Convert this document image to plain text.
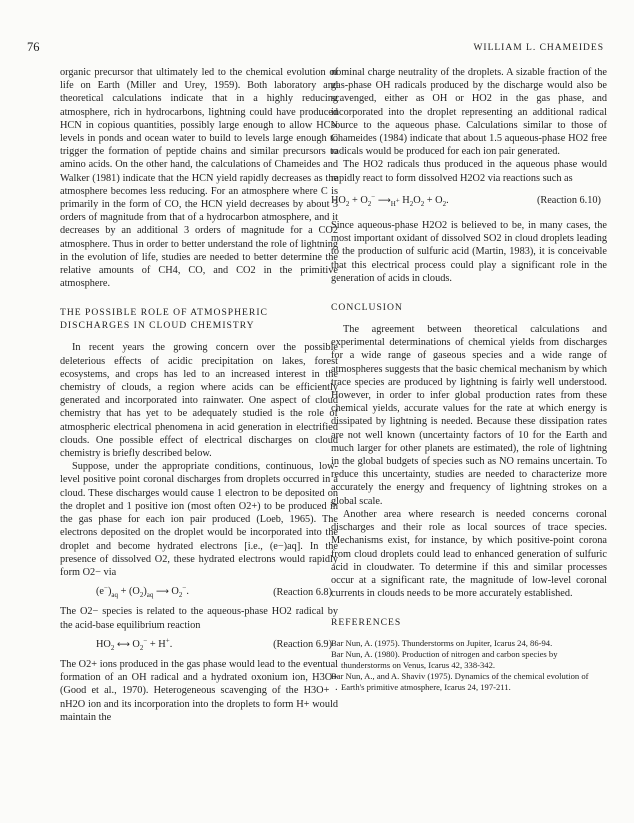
76	WILLIAM L. CHAMEIDES

organic precursor that ultimately led to the chemical evolution of life on Earth (Miller and Urey, 1959). Both laboratory and theoretical calculations indicate that in a highly reducing atmosphere, rich in hydrocarbons, lightning could have produced HCN in copious quantities, possibly large enough to allow HCN levels in ponds and ocean water to build to levels large enough to trigger the formation of peptide chains and similar precursors to amino acids. On the other hand, the calculations of Chameides and Walker (1981) indicate that the HCN yield rapidly decreases as the atmosphere becomes less reducing. For an atmosphere where C is primarily in the form of CO, the HCN yield decreases by about 3 orders of magnitude from that of a hydrocarbon atmosphere, and it decreases by an additional 3 orders of magnitude for a CO2 atmosphere. Thus in order to better understand the role of lightning in the evolution of life, studies are needed to better determine the relative amounts of CH4, CO, and CO2 in the primitive atmosphere.

THE POSSIBLE ROLE OF ATMOSPHERIC DISCHARGES IN CLOUD CHEMISTRY

In recent years the growing concern over the possible deleterious effects of acidic precipitation on lakes, forest ecosystems, and crops has led to an increased interest in the chemistry of clouds, a region where acids can be efficiently generated and incorporated into rainwater. One aspect of cloud chemistry that has yet to be adequately studied is the role of atmospheric electrical phenomena in acid generation in electrified clouds. One possible effect of electrical discharges on cloud chemistry is briefly described below.

Suppose, under the appropriate conditions, continuous, low-level positive point coronal discharges from droplets occurred in a cloud. These discharges would cause 1 electron to be deposited on the droplet and 1 positive ion (most often O2+) to be produced in the gas phase for each ion pair produced (Loeb, 1965). The electrons deposited on the droplet would be incorporated into the droplet and become hydrated electrons [i.e., (e−)aq]. In the presence of dissolved O2, these hydrated electrons would rapidly form O2− via

$(e^-)_{aq} + (O_2)_{aq}$ ⟶ $O_2^-$.	(Reaction 6.8)

The O2− species is related to the aqueous-phase HO2 radical by the acid-base equilibrium reaction

$HO_2$ ⟷ $O_2^- + H^+$.	(Reaction 6.9)

The O2+ ions produced in the gas phase would lead to the eventual formation of an OH radical and a hydrated oxonium ion, H3O+ (Good et al., 1970). Heterogeneous scavenging of the H3O+ · nH2O ion and its incorporation into the droplets to form H+ would maintain the

nominal charge neutrality of the droplets. A sizable fraction of the gas-phase OH radicals produced by the discharge would also be scavenged, either as OH or HO2 in the gas phase, and incorporated into the droplet representing an additional radical source to the aqueous phase. Calculations similar to those of Chameides (1984) indicate that about 1.5 aqueous-phase HO2 free radicals would be produced for each ion pair generated.

The HO2 radicals thus produced in the aqueous phase would rapidly react to form dissolved H2O2 via reactions such as

$HO_2 + O_2^-$ $⟶_{H^+}$ $H_2O_2 + O_2$.	(Reaction 6.10)

Since aqueous-phase H2O2 is believed to be, in many cases, the most important oxidant of dissolved SO2 in cloud droplets leading to the production of sulfuric acid (Martin, 1983), it is conceivable that this electrical process could play a significant role in the generation of acids in clouds.

CONCLUSION

The agreement between theoretical calculations and experimental determinations of chemical yields from discharges for a wide range of gaseous species and a wide range of atmospheres suggests that the basic chemical mechanism by which trace species are produced by lightning is fairly well understood. However, in order to infer global production rates from these chemical yields, accurate values for the rate at which energy is dissipated by lightning is needed. Because these dissipation rates are not well known (uncertainty factors of 10 for the Earth and much larger for other planets are estimated), the role of lightning in the global budgets of species such as NO remains uncertain. To reduce this uncertainty, studies are needed to characterize more accurately the energy and frequency of lightning strokes on a global scale.

Another area where research is needed concerns coronal discharges and their role as local sources of trace species. Mechanisms exist, for instance, by which positive-point corona from cloud droplets could lead to enhanced generation of sulfuric acid in cloudwater. To determine if this and similar processes occur at a significant rate, the magnitude of low-level coronal currents in clouds needs to be more accurately established.

REFERENCES

Bar Nun, A. (1975). Thunderstorms on Jupiter, Icarus 24, 86-94.

Bar Nun, A. (1980). Production of nitrogen and carbon species by thunderstorms on Venus, Icarus 42, 338-342.

Bar Nun, A., and A. Shaviv (1975). Dynamics of the chemical evolution of Earth's primitive atmosphere, Icarus 24, 197-211.
